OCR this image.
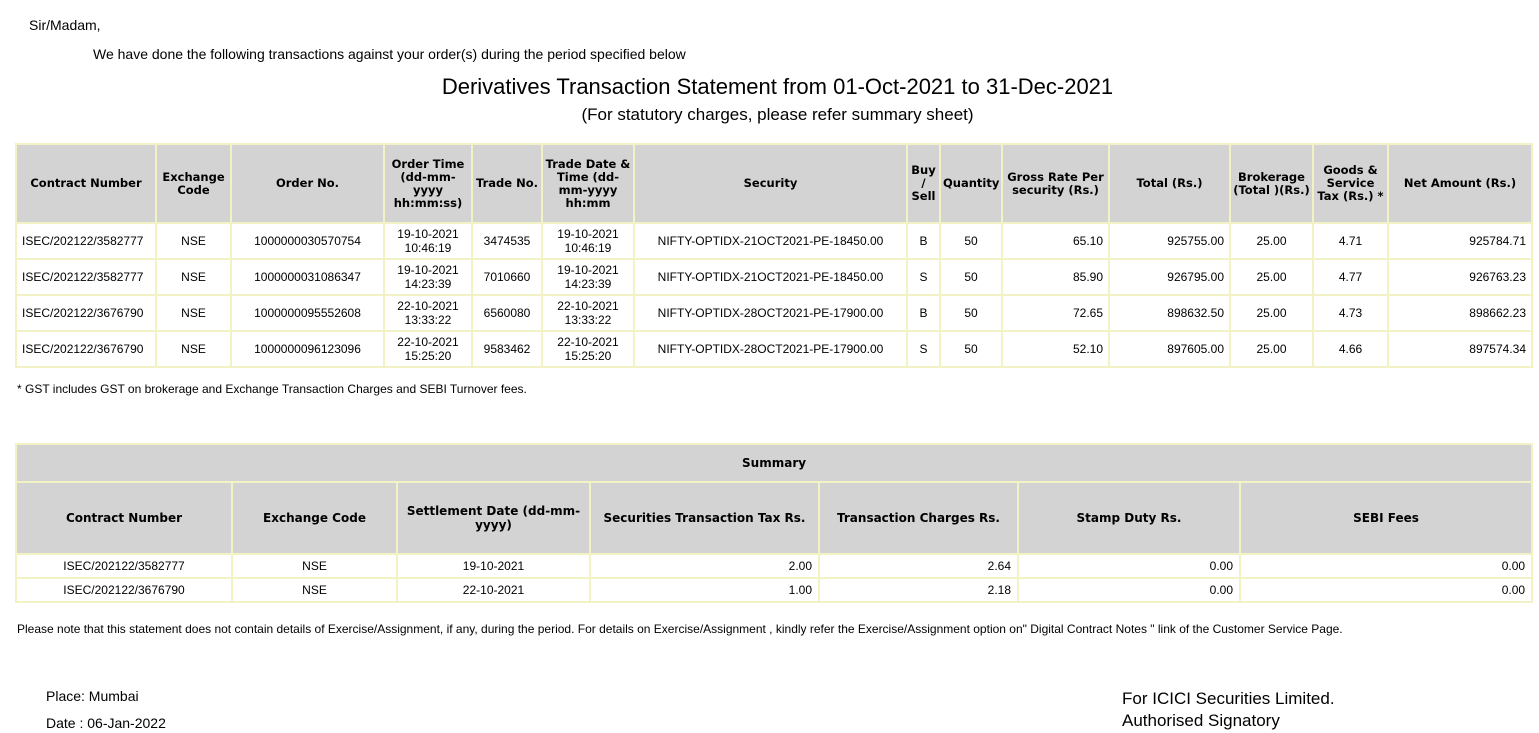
Sir/Madam,
We have done the following transactions against your order(s) during the period specified below
Derivatives Transaction Statement from 01-Oct-2021 to 31-Dec-2021
(For statutory charges, please refer summary sheet)
Contract Number	Exchange Code	Order No.	Order Time (dd-mm-yyyy hh:mm:ss)	Trade No.	Trade Date & Time (dd-mm-yyyy hh:mm	Security	Buy / Sell	Quantity	Gross Rate Per security (Rs.)	Total (Rs.)	Brokerage (Total )(Rs.)	Goods & Service Tax (Rs.) *	Net Amount (Rs.)
ISEC/202122/3582777	NSE	1000000030570754	19-10-2021
10:46:19	3474535	19-10-2021
10:46:19	NIFTY-OPTIDX-21OCT2021-PE-18450.00	B	50	65.10	925755.00	25.00	4.71	925784.71
ISEC/202122/3582777	NSE	1000000031086347	19-10-2021
14:23:39	7010660	19-10-2021
14:23:39	NIFTY-OPTIDX-21OCT2021-PE-18450.00	S	50	85.90	926795.00	25.00	4.77	926763.23
ISEC/202122/3676790	NSE	1000000095552608	22-10-2021
13:33:22	6560080	22-10-2021
13:33:22	NIFTY-OPTIDX-28OCT2021-PE-17900.00	B	50	72.65	898632.50	25.00	4.73	898662.23
ISEC/202122/3676790	NSE	1000000096123096	22-10-2021
15:25:20	9583462	22-10-2021
15:25:20	NIFTY-OPTIDX-28OCT2021-PE-17900.00	S	50	52.10	897605.00	25.00	4.66	897574.34
* GST includes GST on brokerage and Exchange Transaction Charges and SEBI Turnover fees.
Summary						
Contract Number	Exchange Code	Settlement Date (dd-mm-yyyy)	Securities Transaction Tax Rs.	Transaction Charges Rs.	Stamp Duty Rs.	SEBI Fees
ISEC/202122/3582777	NSE	19-10-2021	2.00	2.64	0.00	0.00
ISEC/202122/3676790	NSE	22-10-2021	1.00	2.18	0.00	0.00
Please note that this statement does not contain details of Exercise/Assignment, if any, during the period. For details on Exercise/Assignment , kindly refer the Exercise/Assignment option on" Digital Contract Notes " link of the Customer Service Page.
Place: Mumbai
Date : 06-Jan-2022
For ICICI Securities Limited.
Authorised Signatory
